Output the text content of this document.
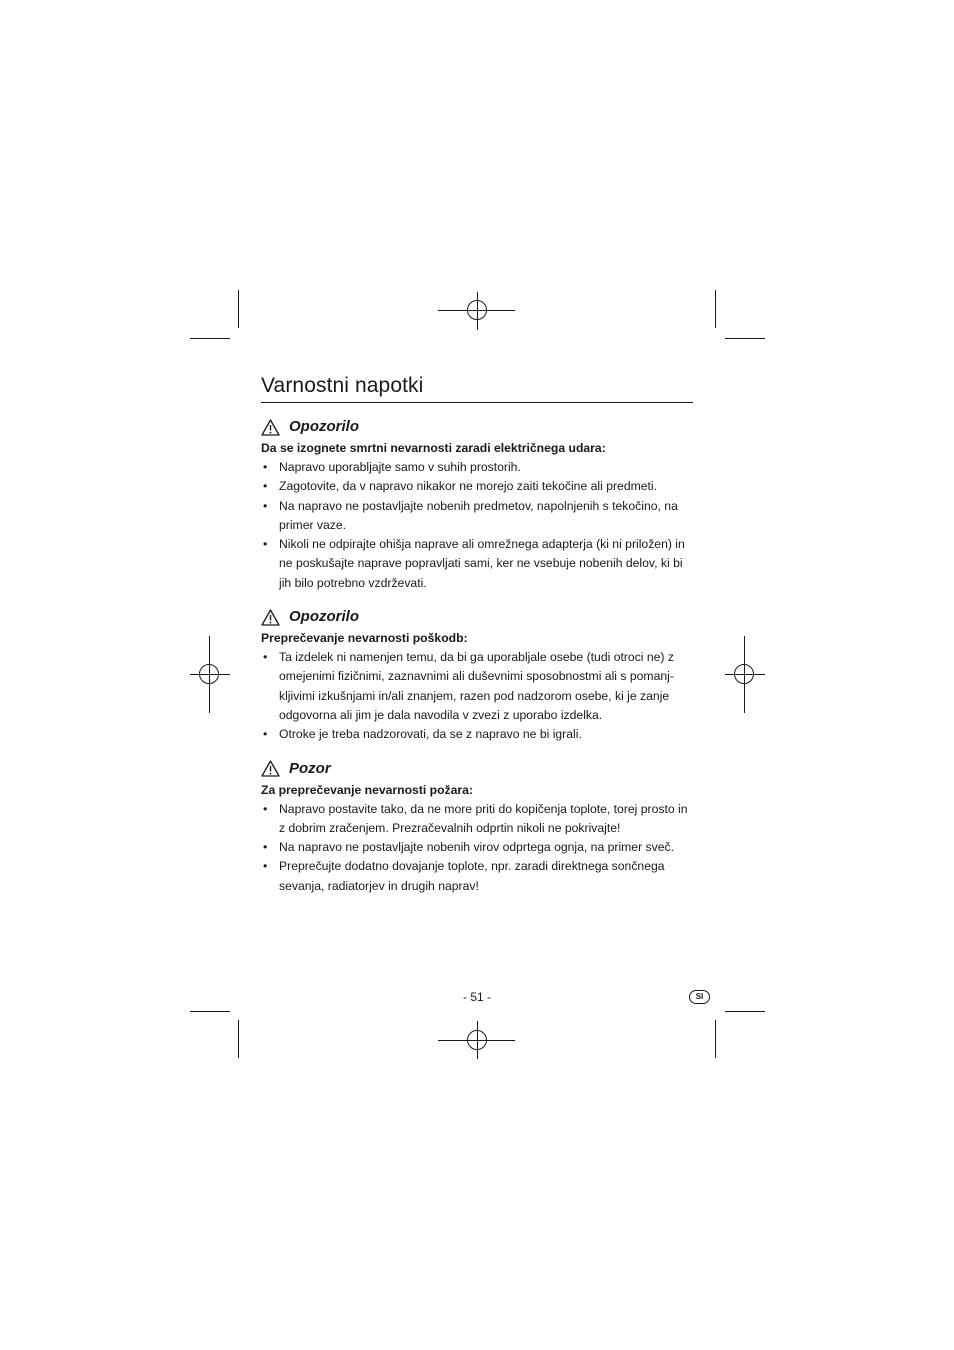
Varnostni napotki
Opozorilo
Da se izognete smrtni nevarnosti zaradi električnega udara:
• Napravo uporabljajte samo v suhih prostorih.
• Zagotovite, da v napravo nikakor ne morejo zaiti tekočine ali predmeti.
• Na napravo ne postavljajte nobenih predmetov, napolnjenih s tekočino, na primer vaze.
• Nikoli ne odpirajte ohišja naprave ali omrežnega adapterja (ki ni priložen) in ne poskušajte naprave popravljati sami, ker ne vsebuje nobenih delov, ki bi jih bilo potrebno vzdrževati.
Opozorilo
Preprečevanje nevarnosti poškodb:
• Ta izdelek ni namenjen temu, da bi ga uporabljale osebe (tudi otroci ne) z omejenimi fizičnimi, zaznavnimi ali duševnimi sposobnostmi ali s pomanj-kljivimi izkušnjami in/ali znanjem, razen pod nadzorom osebe, ki je zanje odgovorna ali jim je dala navodila v zvezi z uporabo izdelka.
• Otroke je treba nadzorovati, da se z napravo ne bi igrali.
Pozor
Za preprečevanje nevarnosti požara:
• Napravo postavite tako, da ne more priti do kopičenja toplote, torej prosto in z dobrim zračenjem. Prezračevalnih odprtin nikoli ne pokrivajte!
• Na napravo ne postavljajte nobenih virov odprtega ognja, na primer sveč.
• Preprečujte dodatno dovajanje toplote, npr. zaradi direktnega sončnega sevanja, radiatorjev in drugih naprav!
- 51 -	SI
